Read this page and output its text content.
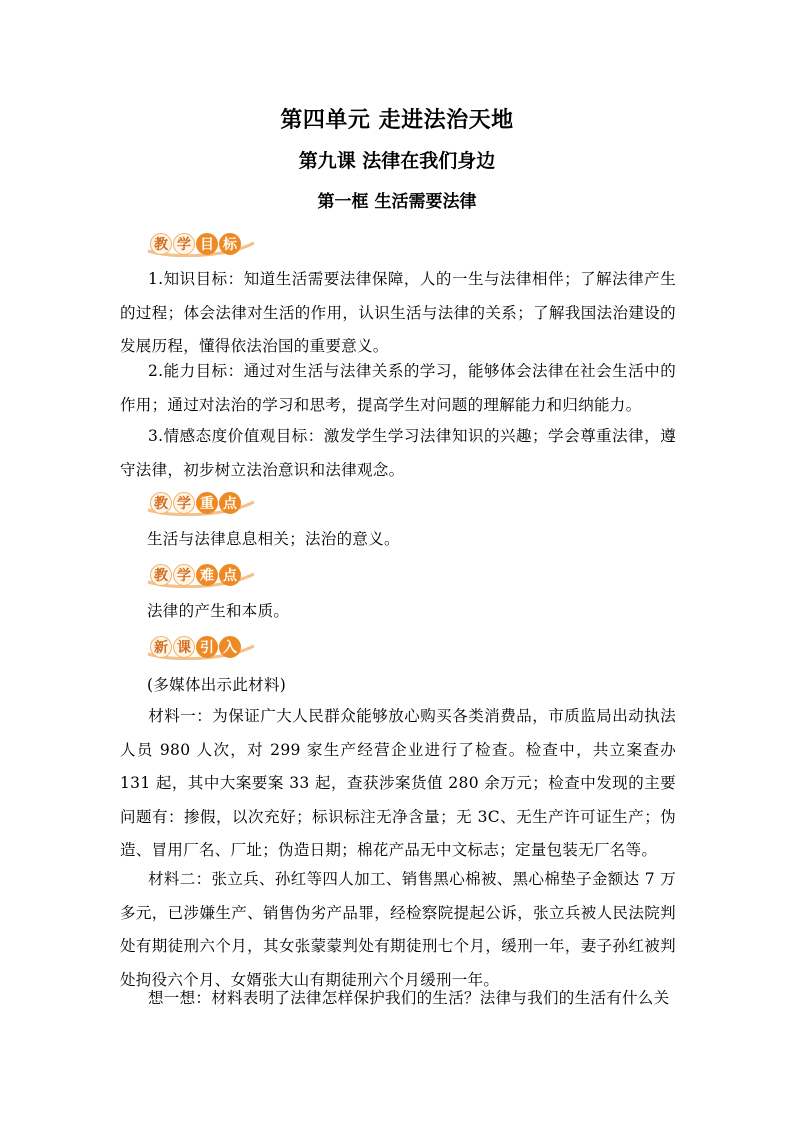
第四单元 走进法治天地
第九课 法律在我们身边
第一框 生活需要法律
教 学 目 标
1.知识目标：知道生活需要法律保障，人的一生与法律相伴；了解法律产生的过程；体会法律对生活的作用，认识生活与法律的关系；了解我国法治建设的发展历程，懂得依法治国的重要意义。
2.能力目标：通过对生活与法律关系的学习，能够体会法律在社会生活中的作用；通过对法治的学习和思考，提高学生对问题的理解能力和归纳能力。
3.情感态度价值观目标：激发学生学习法律知识的兴趣；学会尊重法律，遵守法律，初步树立法治意识和法律观念。
教 学 重 点
生活与法律息息相关；法治的意义。
教 学 难 点
法律的产生和本质。
新 课 引 入
(多媒体出示此材料)
材料一：为保证广大人民群众能够放心购买各类消费品，市质监局出动执法人员 980 人次，对 299 家生产经营企业进行了检查。检查中，共立案查办 131 起，其中大案要案 33 起，查获涉案货值 280 余万元；检查中发现的主要问题有：掺假，以次充好；标识标注无净含量；无 3C、无生产许可证生产；伪造、冒用厂名、厂址；伪造日期；棉花产品无中文标志；定量包装无厂名等。
材料二：张立兵、孙红等四人加工、销售黑心棉被、黑心棉垫子金额达 7 万多元，已涉嫌生产、销售伪劣产品罪，经检察院提起公诉，张立兵被人民法院判处有期徒刑六个月，其女张蒙蒙判处有期徒刑七个月，缓刑一年，妻子孙红被判处拘役六个月、女婿张大山有期徒刑六个月缓刑一年。
想一想：材料表明了法律怎样保护我们的生活？法律与我们的生活有什么关
